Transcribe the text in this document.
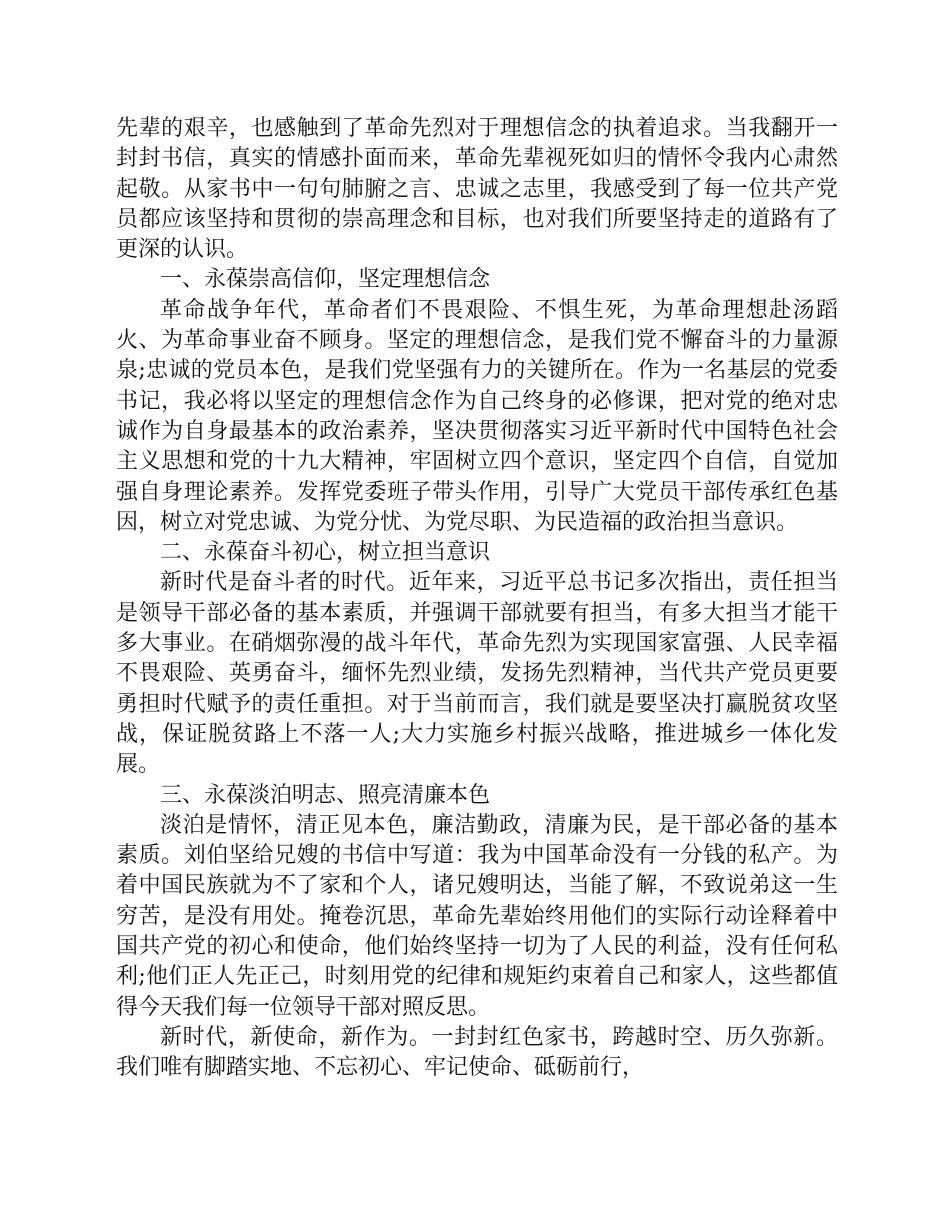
先辈的艰辛，也感触到了革命先烈对于理想信念的执着追求。当我翻开一封封书信，真实的情感扑面而来，革命先辈视死如归的情怀令我内心肃然起敬。从家书中一句句肺腑之言、忠诚之志里，我感受到了每一位共产党员都应该坚持和贯彻的崇高理念和目标，也对我们所要坚持走的道路有了更深的认识。

一、永葆崇高信仰，坚定理想信念

革命战争年代，革命者们不畏艰险、不惧生死，为革命理想赴汤蹈火、为革命事业奋不顾身。坚定的理想信念，是我们党不懈奋斗的力量源泉;忠诚的党员本色，是我们党坚强有力的关键所在。作为一名基层的党委书记，我必将以坚定的理想信念作为自己终身的必修课，把对党的绝对忠诚作为自身最基本的政治素养，坚决贯彻落实习近平新时代中国特色社会主义思想和党的十九大精神，牢固树立四个意识，坚定四个自信，自觉加强自身理论素养。发挥党委班子带头作用，引导广大党员干部传承红色基因，树立对党忠诚、为党分忧、为党尽职、为民造福的政治担当意识。

二、永葆奋斗初心，树立担当意识

新时代是奋斗者的时代。近年来，习近平总书记多次指出，责任担当是领导干部必备的基本素质，并强调干部就要有担当，有多大担当才能干多大事业。在硝烟弥漫的战斗年代，革命先烈为实现国家富强、人民幸福不畏艰险、英勇奋斗，缅怀先烈业绩，发扬先烈精神，当代共产党员更要勇担时代赋予的责任重担。对于当前而言，我们就是要坚决打赢脱贫攻坚战，保证脱贫路上不落一人;大力实施乡村振兴战略，推进城乡一体化发展。

三、永葆淡泊明志、照亮清廉本色

淡泊是情怀，清正见本色，廉洁勤政，清廉为民，是干部必备的基本素质。刘伯坚给兄嫂的书信中写道：我为中国革命没有一分钱的私产。为着中国民族就为不了家和个人，诸兄嫂明达，当能了解，不致说弟这一生穷苦，是没有用处。掩卷沉思，革命先辈始终用他们的实际行动诠释着中国共产党的初心和使命，他们始终坚持一切为了人民的利益，没有任何私利;他们正人先正己，时刻用党的纪律和规矩约束着自己和家人，这些都值得今天我们每一位领导干部对照反思。

新时代，新使命，新作为。一封封红色家书，跨越时空、历久弥新。我们唯有脚踏实地、不忘初心、牢记使命、砥砺前行，
